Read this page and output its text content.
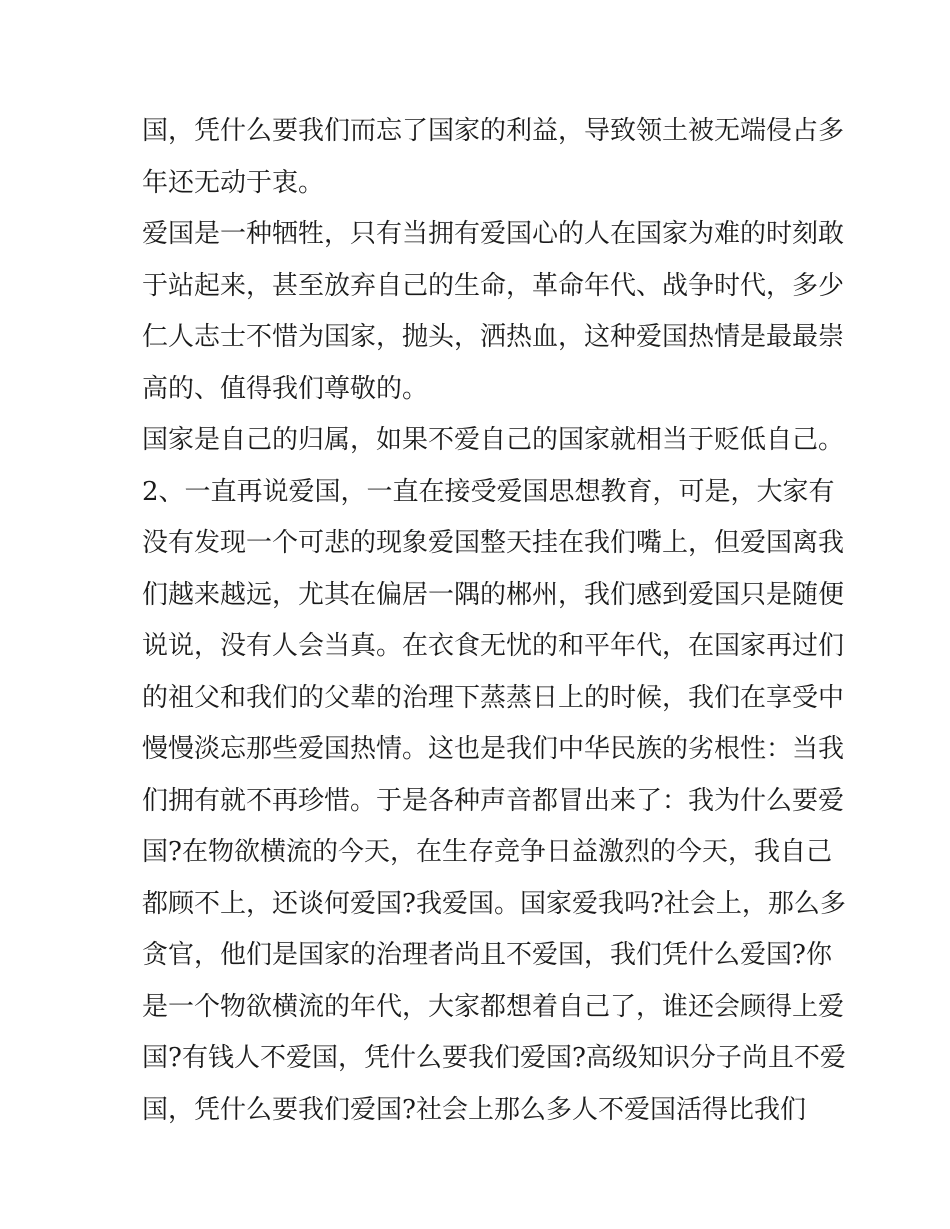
国，凭什么要我们而忘了国家的利益，导致领土被无端侵占多
年还无动于衷。
爱国是一种牺牲，只有当拥有爱国心的人在国家为难的时刻敢
于站起来，甚至放弃自己的生命，革命年代、战争时代，多少
仁人志士不惜为国家，抛头，洒热血，这种爱国热情是最最崇
高的、值得我们尊敬的。
国家是自己的归属，如果不爱自己的国家就相当于贬低自己。
2、一直再说爱国，一直在接受爱国思想教育，可是，大家有
没有发现一个可悲的现象爱国整天挂在我们嘴上，但爱国离我
们越来越远，尤其在偏居一隅的郴州，我们感到爱国只是随便
说说，没有人会当真。在衣食无忧的和平年代，在国家再过们
的祖父和我们的父辈的治理下蒸蒸日上的时候，我们在享受中
慢慢淡忘那些爱国热情。这也是我们中华民族的劣根性：当我
们拥有就不再珍惜。于是各种声音都冒出来了：我为什么要爱
国?在物欲横流的今天，在生存竞争日益激烈的今天，我自己
都顾不上，还谈何爱国?我爱国。国家爱我吗?社会上，那么多
贪官，他们是国家的治理者尚且不爱国，我们凭什么爱国?你
是一个物欲横流的年代，大家都想着自己了，谁还会顾得上爱
国?有钱人不爱国，凭什么要我们爱国?高级知识分子尚且不爱
国，凭什么要我们爱国?社会上那么多人不爱国活得比我们
